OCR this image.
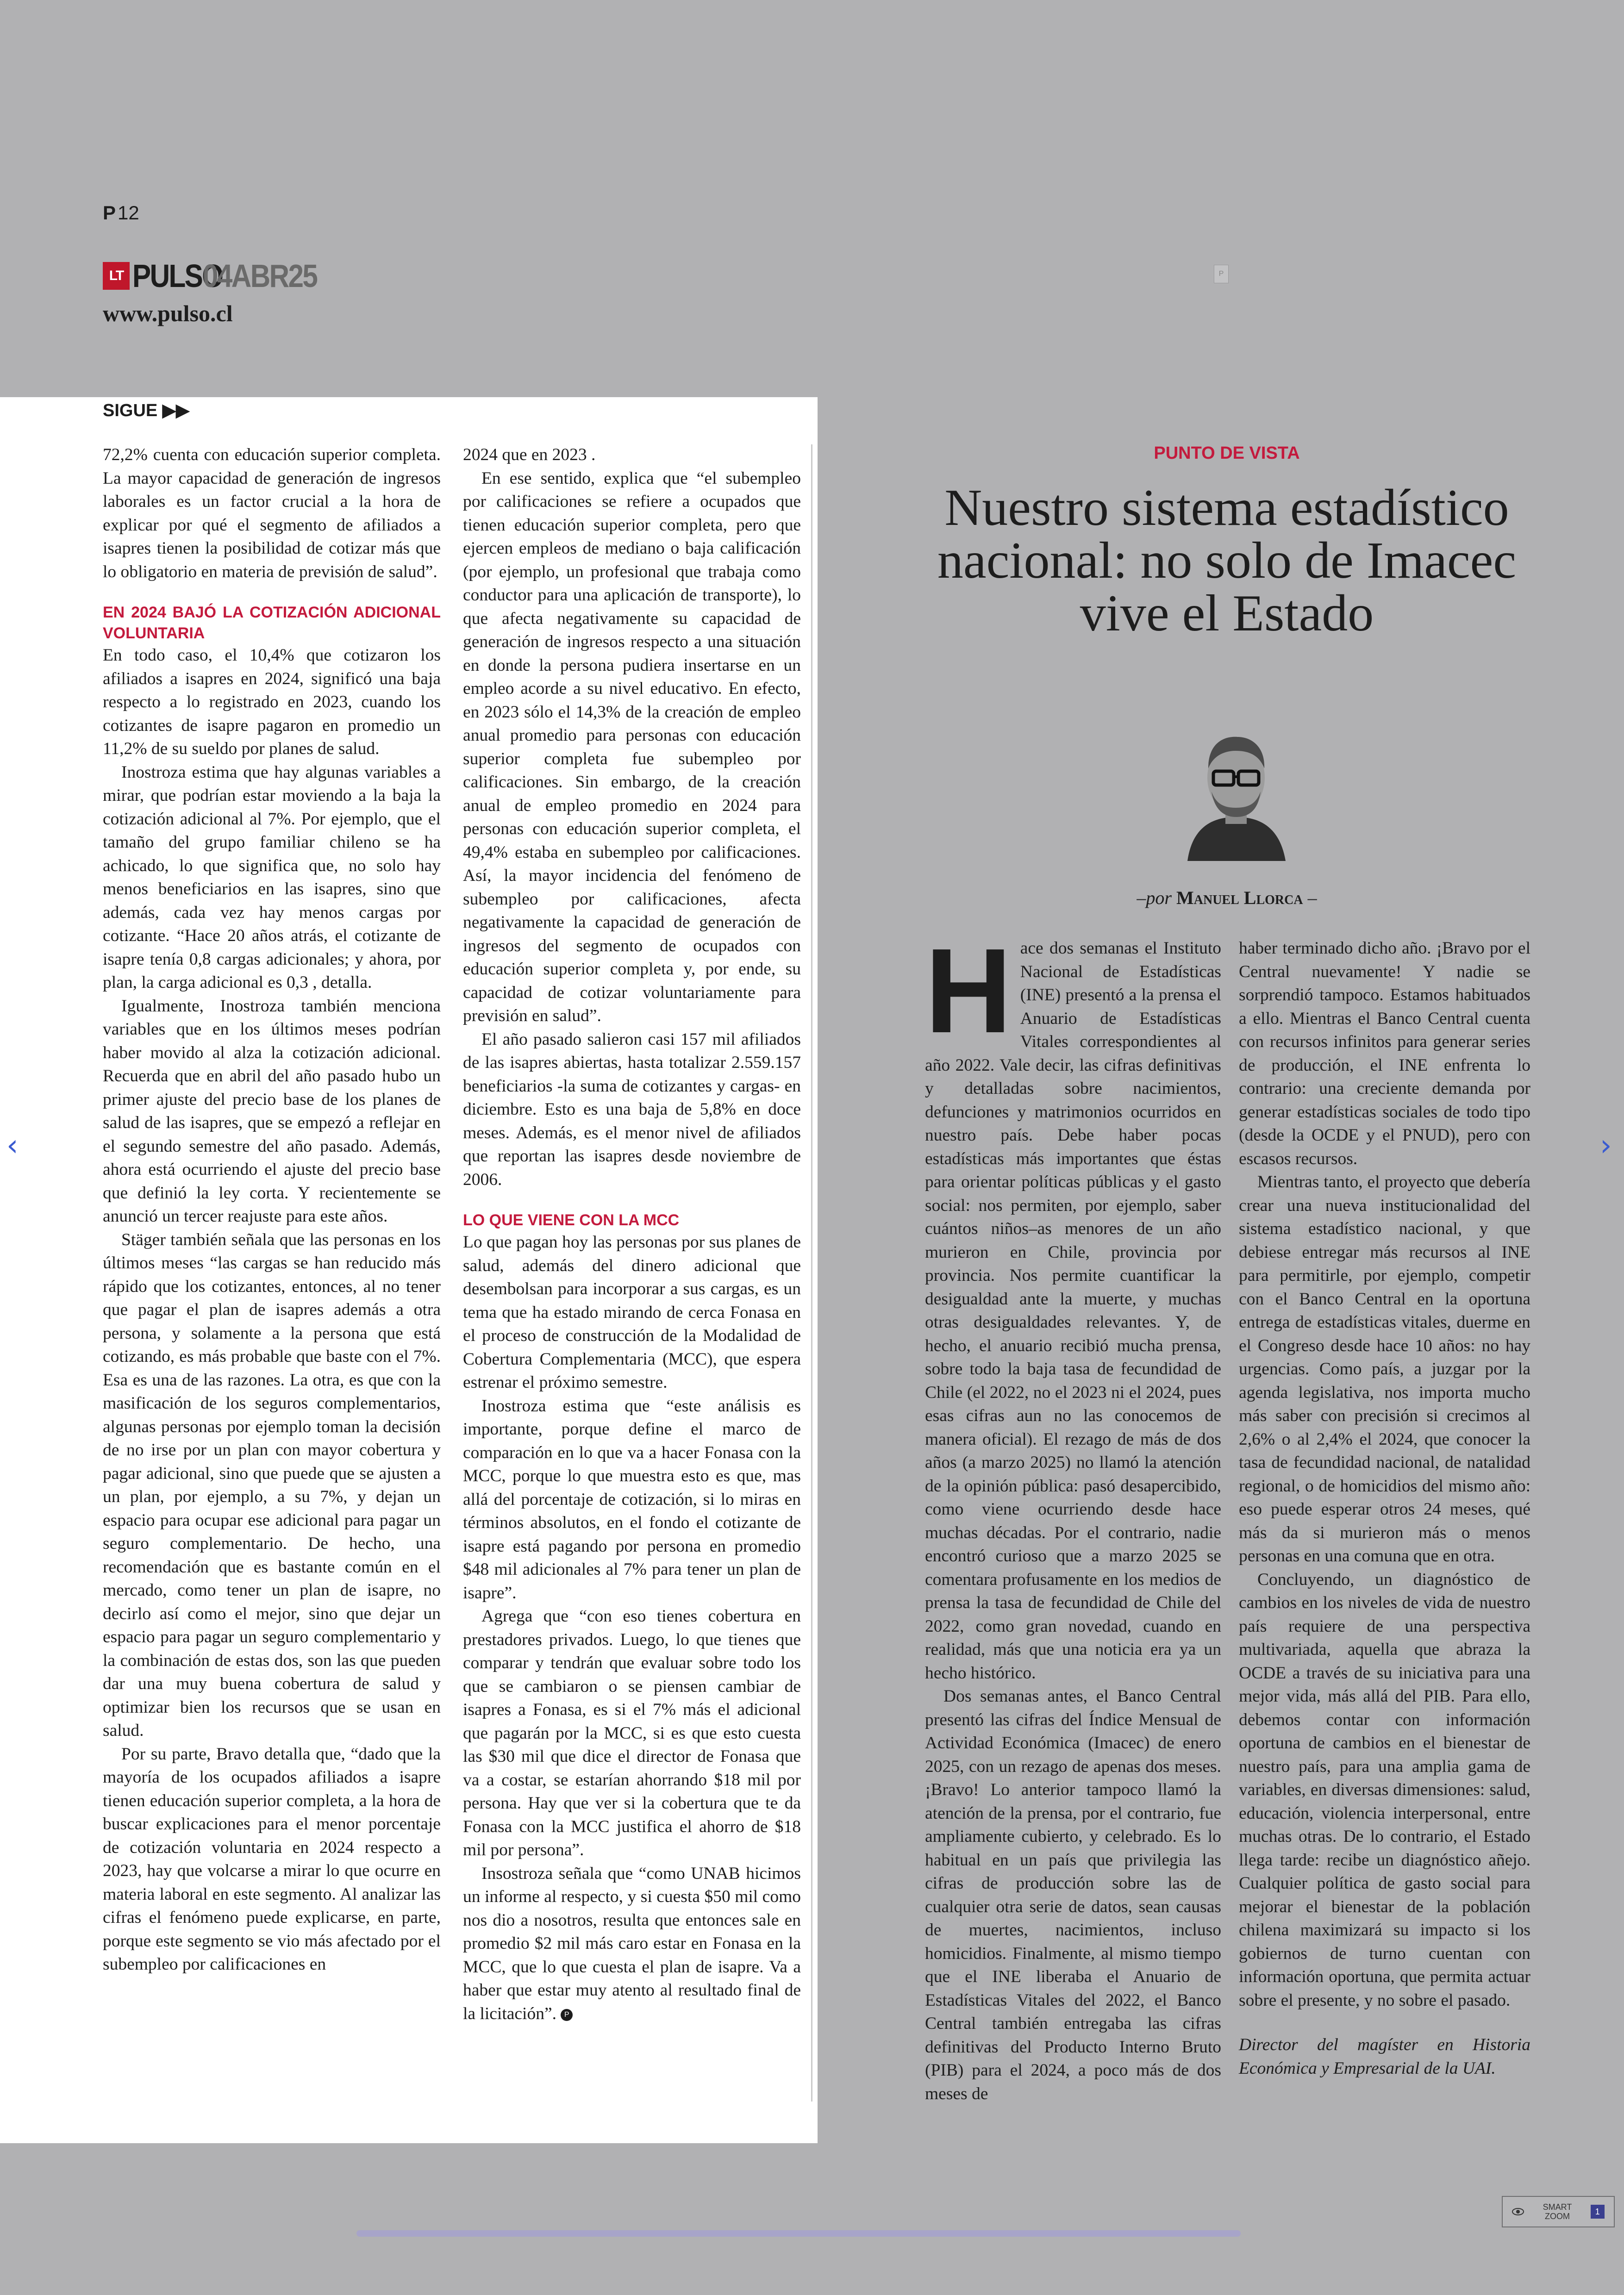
P12
LT PULSO
04ABR25
www.pulso.cl
P
SIGUE ▶▶

72,2% cuenta con educación superior completa. La mayor capacidad de generación de ingresos laborales es un factor crucial a la hora de explicar por qué el segmento de afiliados a isapres tienen la posibilidad de cotizar más que lo obligatorio en materia de previsión de salud”.

EN 2024 BAJÓ LA COTIZACIÓN ADICIONAL VOLUNTARIA

En todo caso, el 10,4% que cotizaron los afiliados a isapres en 2024, significó una baja respecto a lo registrado en 2023, cuando los cotizantes de isapre pagaron en promedio un 11,2% de su sueldo por planes de salud.

Inostroza estima que hay algunas variables a mirar, que podrían estar moviendo a la baja la cotización adicional al 7%. Por ejemplo, que el tamaño del grupo familiar chileno se ha achicado, lo que significa que, no solo hay menos beneficiarios en las isapres, sino que además, cada vez hay menos cargas por cotizante. “Hace 20 años atrás, el cotizante de isapre tenía 0,8 cargas adicionales; y ahora, por plan, la carga adicional es 0,3 , detalla.

Igualmente, Inostroza también menciona variables que en los últimos meses podrían haber movido al alza la cotización adicional. Recuerda que en abril del año pasado hubo un primer ajuste del precio base de los planes de salud de las isapres, que se empezó a reflejar en el segundo semestre del año pasado. Además, ahora está ocurriendo el ajuste del precio base que definió la ley corta. Y recientemente se anunció un tercer reajuste para este años.

Stäger también señala que las personas en los últimos meses “las cargas se han reducido más rápido que los cotizantes, entonces, al no tener que pagar el plan de isapres además a otra persona, y solamente a la persona que está cotizando, es más probable que baste con el 7%. Esa es una de las razones. La otra, es que con la masificación de los seguros complementarios, algunas personas por ejemplo toman la decisión de no irse por un plan con mayor cobertura y pagar adicional, sino que puede que se ajusten a un plan, por ejemplo, a su 7%, y dejan un espacio para ocupar ese adicional para pagar un seguro complementario. De hecho, una recomendación que es bastante común en el mercado, como tener un plan de isapre, no decirlo así como el mejor, sino que dejar un espacio para pagar un seguro complementario y la combinación de estas dos, son las que pueden dar una muy buena cobertura de salud y optimizar bien los recursos que se usan en salud.

Por su parte, Bravo detalla que, “dado que la mayoría de los ocupados afiliados a isapre tienen educación superior completa, a la hora de buscar explicaciones para el menor porcentaje de cotización voluntaria en 2024 respecto a 2023, hay que volcarse a mirar lo que ocurre en materia laboral en este segmento. Al analizar las cifras el fenómeno puede explicarse, en parte, porque este segmento se vio más afectado por el subempleo por calificaciones en

2024 que en 2023 .

En ese sentido, explica que “el subempleo por calificaciones se refiere a ocupados que tienen educación superior completa, pero que ejercen empleos de mediano o baja calificación (por ejemplo, un profesional que trabaja como conductor para una aplicación de transporte), lo que afecta negativamente su capacidad de generación de ingresos respecto a una situación en donde la persona pudiera insertarse en un empleo acorde a su nivel educativo. En efecto, en 2023 sólo el 14,3% de la creación de empleo anual promedio para personas con educación superior completa fue subempleo por calificaciones. Sin embargo, de la creación anual de empleo promedio en 2024 para personas con educación superior completa, el 49,4% estaba en subempleo por calificaciones. Así, la mayor incidencia del fenómeno de subempleo por calificaciones, afecta negativamente la capacidad de generación de ingresos del segmento de ocupados con educación superior completa y, por ende, su capacidad de cotizar voluntariamente para previsión en salud”.

El año pasado salieron casi 157 mil afiliados de las isapres abiertas, hasta totalizar 2.559.157 beneficiarios -la suma de cotizantes y cargas- en diciembre. Esto es una baja de 5,8% en doce meses. Además, es el menor nivel de afiliados que reportan las isapres desde noviembre de 2006.

LO QUE VIENE CON LA MCC

Lo que pagan hoy las personas por sus planes de salud, además del dinero adicional que desembolsan para incorporar a sus cargas, es un tema que ha estado mirando de cerca Fonasa en el proceso de construcción de la Modalidad de Cobertura Complementaria (MCC), que espera estrenar el próximo semestre.

Inostroza estima que “este análisis es importante, porque define el marco de comparación en lo que va a hacer Fonasa con la MCC, porque lo que muestra esto es que, mas allá del porcentaje de cotización, si lo miras en términos absolutos, en el fondo el cotizante de isapre está pagando por persona en promedio $48 mil adicionales al 7% para tener un plan de isapre”.

Agrega que “con eso tienes cobertura en prestadores privados. Luego, lo que tienes que comparar y tendrán que evaluar sobre todo los que se cambiaron o se piensen cambiar de isapres a Fonasa, es si el 7% más el adicional que pagarán por la MCC, si es que esto cuesta las $30 mil que dice el director de Fonasa que va a costar, se estarían ahorrando $18 mil por persona. Hay que ver si la cobertura que te da Fonasa con la MCC justifica el ahorro de $18 mil por persona”.

Insostroza señala que “como UNAB hicimos un informe al respecto, y si cuesta $50 mil como nos dio a nosotros, resulta que entonces sale en promedio $2 mil más caro estar en Fonasa en la MCC, que lo que cuesta el plan de isapre. Va a haber que estar muy atento al resultado final de la licitación”. P

PUNTO DE VISTA
Nuestro sistema estadístico nacional: no solo de Imacec vive el Estado
–por Manuel Llorca –

Hace dos semanas el Instituto Nacional de Estadísticas (INE) presentó a la prensa el Anuario de Estadísticas Vitales correspondientes al año 2022. Vale decir, las cifras definitivas y detalladas sobre nacimientos, defunciones y matrimonios ocurridos en nuestro país. Debe haber pocas estadísticas más importantes que éstas para orientar políticas públicas y el gasto social: nos permiten, por ejemplo, saber cuántos niños–as menores de un año murieron en Chile, provincia por provincia. Nos permite cuantificar la desigualdad ante la muerte, y muchas otras desigualdades relevantes. Y, de hecho, el anuario recibió mucha prensa, sobre todo la baja tasa de fecundidad de Chile (el 2022, no el 2023 ni el 2024, pues esas cifras aun no las conocemos de manera oficial). El rezago de más de dos años (a marzo 2025) no llamó la atención de la opinión pública: pasó desapercibido, como viene ocurriendo desde hace muchas décadas. Por el contrario, nadie encontró curioso que a marzo 2025 se comentara profusamente en los medios de prensa la tasa de fecundidad de Chile del 2022, como gran novedad, cuando en realidad, más que una noticia era ya un hecho histórico.

Dos semanas antes, el Banco Central presentó las cifras del Índice Mensual de Actividad Económica (Imacec) de enero 2025, con un rezago de apenas dos meses. ¡Bravo! Lo anterior tampoco llamó la atención de la prensa, por el contrario, fue ampliamente cubierto, y celebrado. Es lo habitual en un país que privilegia las cifras de producción sobre las de cualquier otra serie de datos, sean causas de muertes, nacimientos, incluso homicidios. Finalmente, al mismo tiempo que el INE liberaba el Anuario de Estadísticas Vitales del 2022, el Banco Central también entregaba las cifras definitivas del Producto Interno Bruto (PIB) para el 2024, a poco más de dos meses de

haber terminado dicho año. ¡Bravo por el Central nuevamente! Y nadie se sorprendió tampoco. Estamos habituados a ello. Mientras el Banco Central cuenta con recursos infinitos para generar series de producción, el INE enfrenta lo contrario: una creciente demanda por generar estadísticas sociales de todo tipo (desde la OCDE y el PNUD), pero con escasos recursos.

Mientras tanto, el proyecto que debería crear una nueva institucionalidad del sistema estadístico nacional, y que debiese entregar más recursos al INE para permitirle, por ejemplo, competir con el Banco Central en la oportuna entrega de estadísticas vitales, duerme en el Congreso desde hace 10 años: no hay urgencias. Como país, a juzgar por la agenda legislativa, nos importa mucho más saber con precisión si crecimos al 2,6% o al 2,4% el 2024, que conocer la tasa de fecundidad nacional, de natalidad regional, o de homicidios del mismo año: eso puede esperar otros 24 meses, qué más da si murieron más o menos personas en una comuna que en otra.

Concluyendo, un diagnóstico de cambios en los niveles de vida de nuestro país requiere de una perspectiva multivariada, aquella que abraza la OCDE a través de su iniciativa para una mejor vida, más allá del PIB. Para ello, debemos contar con información oportuna de cambios en el bienestar de nuestro país, para una amplia gama de variables, en diversas dimensiones: salud, educación, violencia interpersonal, entre muchas otras. De lo contrario, el Estado llega tarde: recibe un diagnóstico añejo. Cualquier política de gasto social para mejorar el bienestar de la población chilena maximizará su impacto si los gobiernos de turno cuentan con información oportuna, que permita actuar sobre el presente, y no sobre el pasado.

Director del magíster en Historia Económica y Empresarial de la UAI.

‹	›
SMART
ZOOM
1
